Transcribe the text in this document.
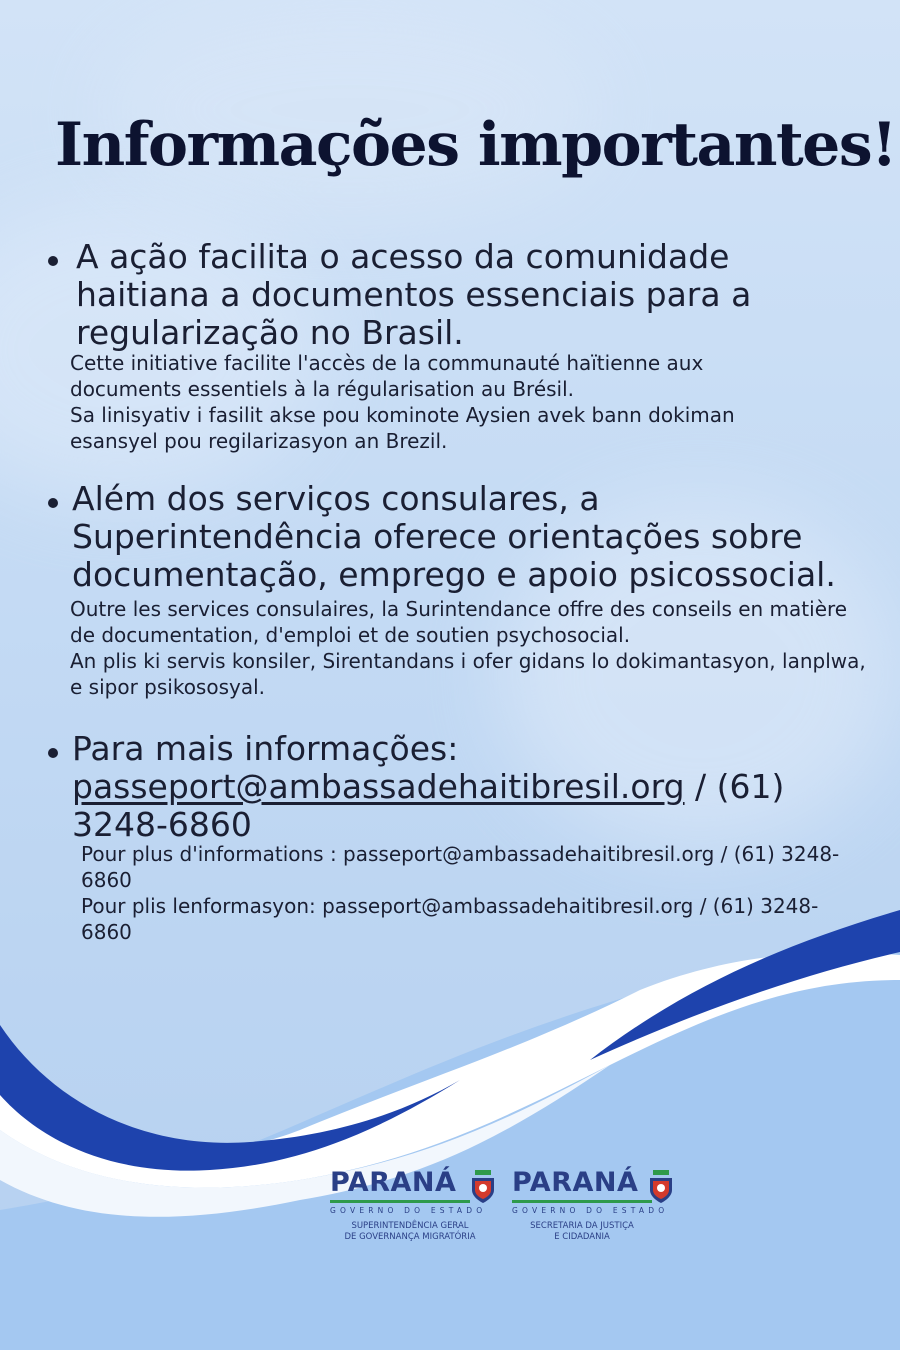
Informações importantes!
A ação facilita o acesso da comunidade haitiana a documentos essenciais para a regularização no Brasil.
Cette initiative facilite l'accès de la communauté haïtienne aux documents essentiels à la régularisation au Brésil.
Sa linisyativ i fasilit akse pou kominote Aysien avek bann dokiman esansyel pou regilarizasyon an Brezil.
Além dos serviços consulares, a Superintendência oferece orientações sobre documentação, emprego e apoio psicossocial.
Outre les services consulaires, la Surintendance offre des conseils en matière de documentation, d'emploi et de soutien psychosocial.
An plis ki servis konsiler, Sirentandans i ofer gidans lo dokimantasyon, lanplwa, e sipor psikososyal.
Para mais informações:
passeport@ambassadehaitibresil.org / (61) 3248-6860
Pour plus d'informations : passeport@ambassadehaitibresil.org / (61) 3248-6860
Pour plis lenformasyon: passeport@ambassadehaitibresil.org / (61) 3248-6860
PARANÁ
GOVERNO DO ESTADO
SUPERINTENDÊNCIA GERAL
DE GOVERNANÇA MIGRATÓRIA
PARANÁ
GOVERNO DO ESTADO
SECRETARIA DA JUSTIÇA
E CIDADANIA
